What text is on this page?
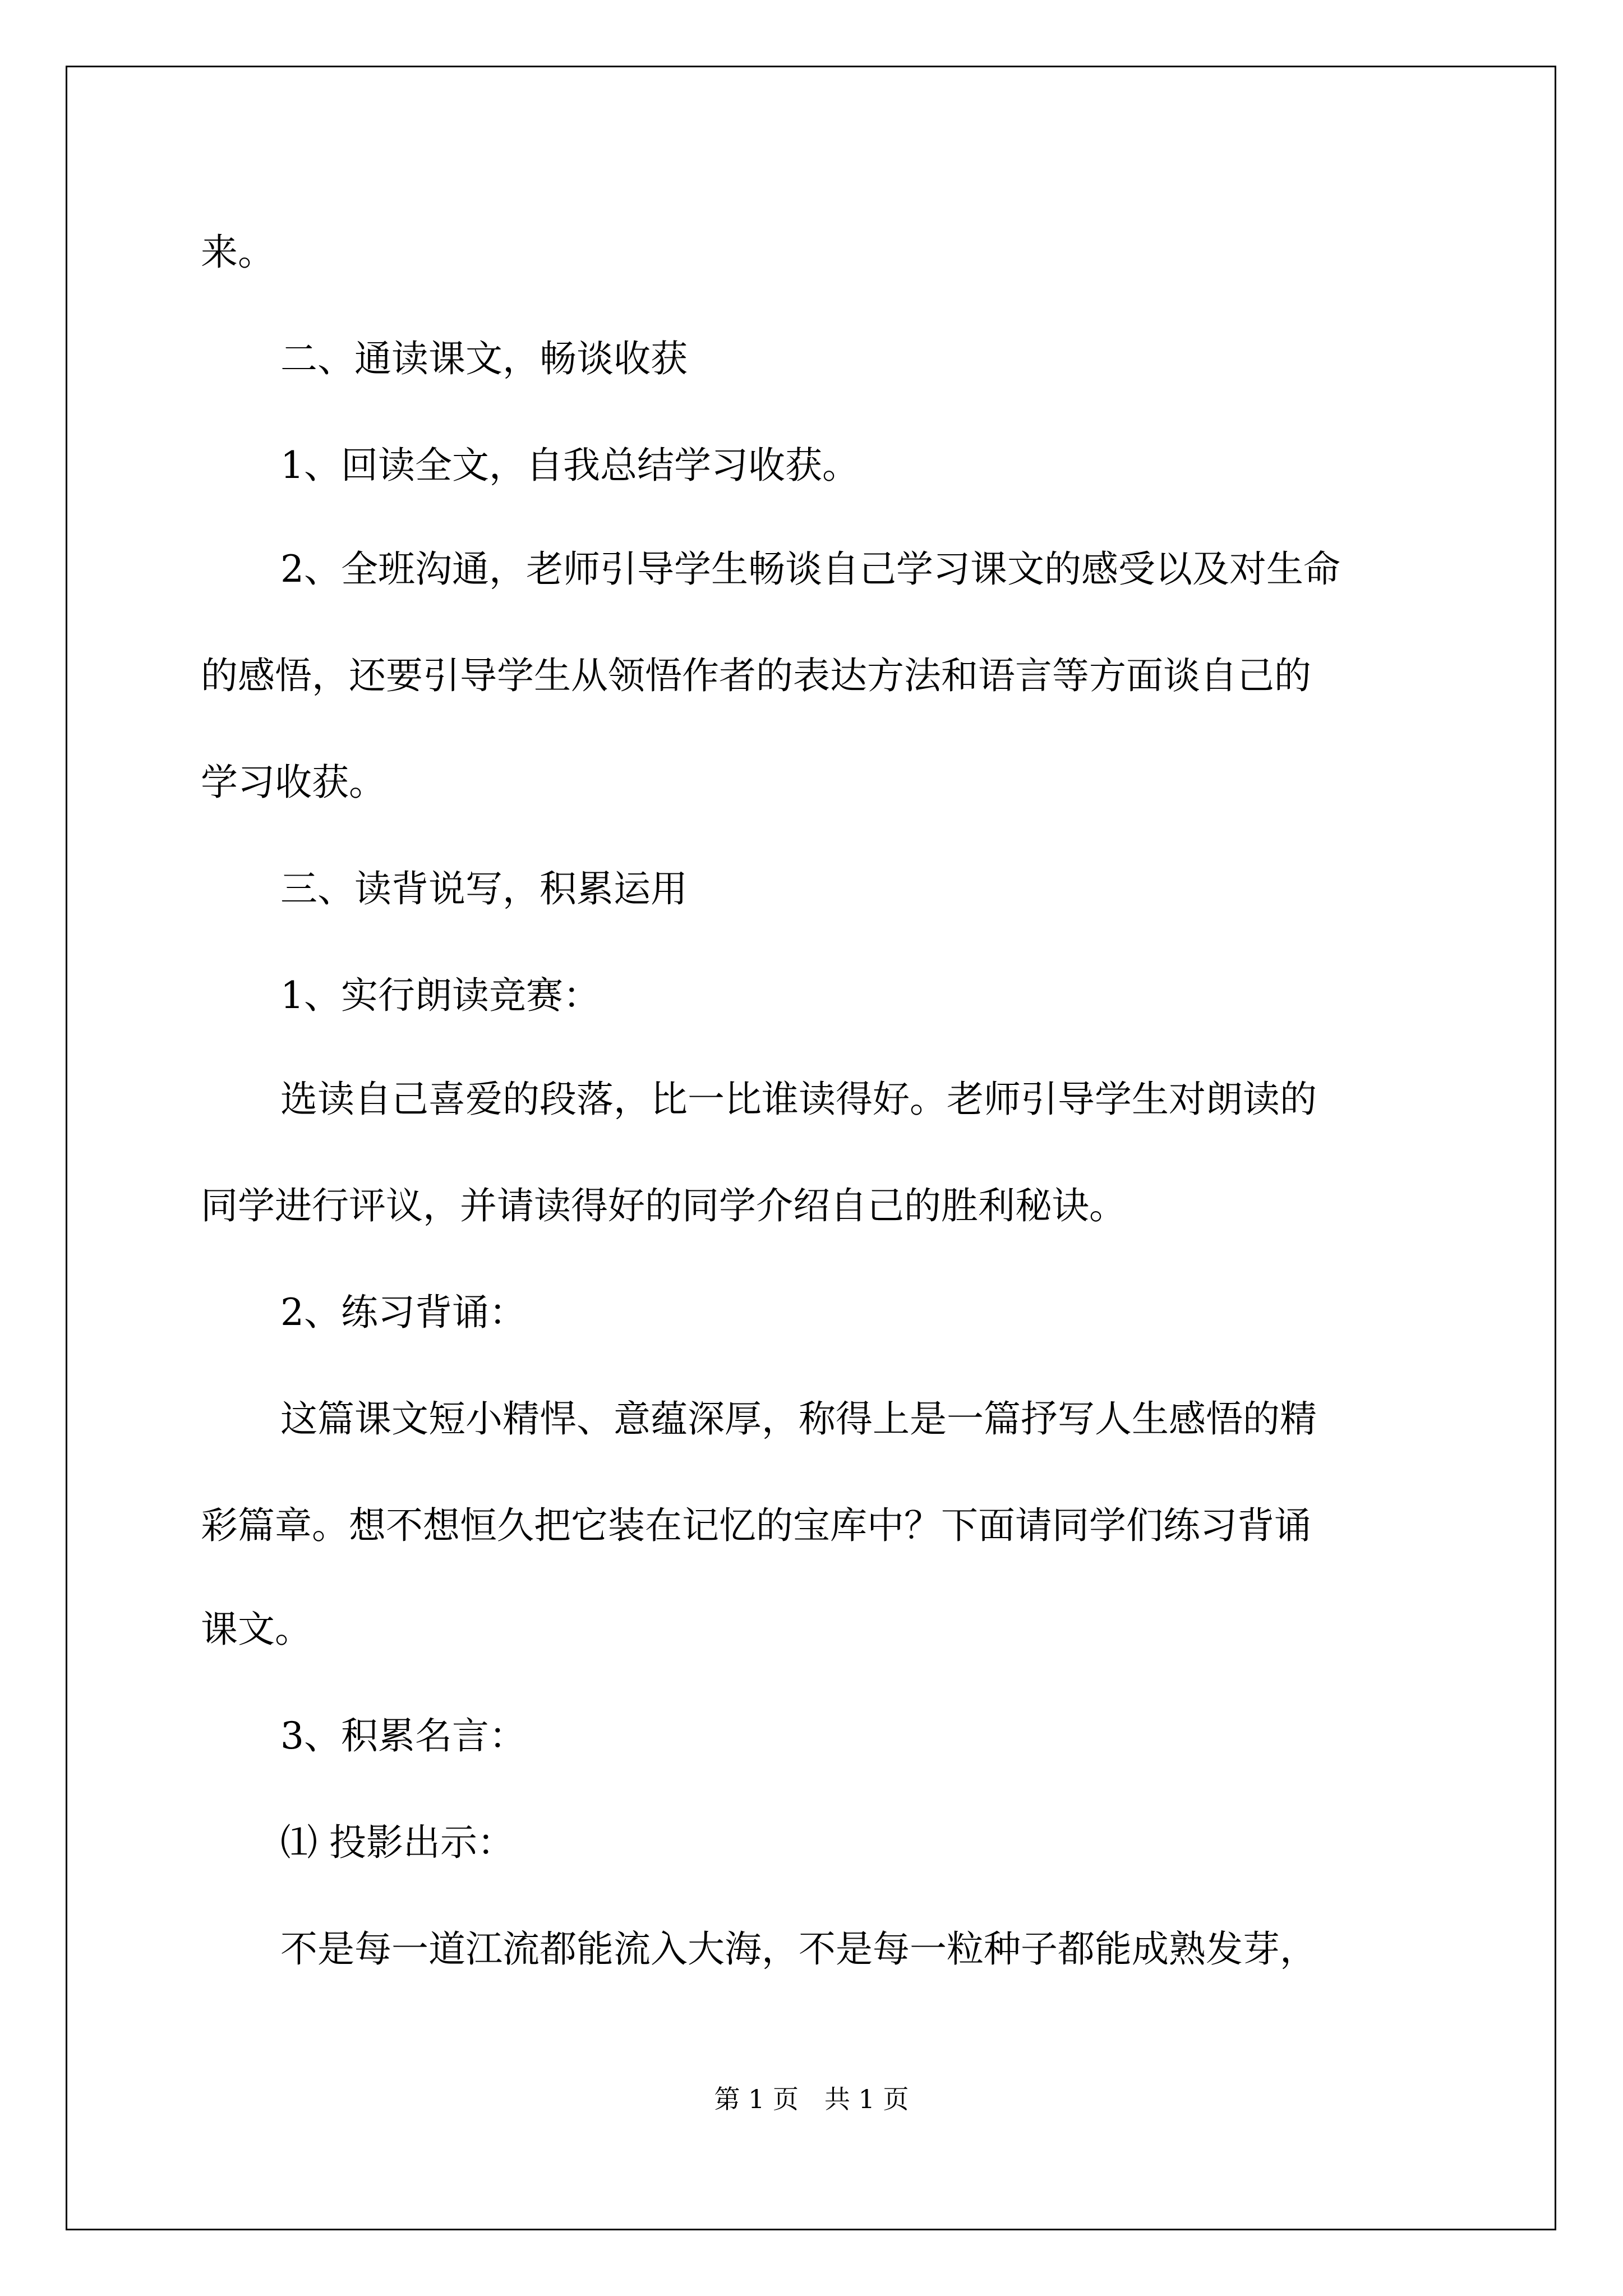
来。
二、通读课文，畅谈收获
1、回读全文，自我总结学习收获。
2、全班沟通，老师引导学生畅谈自己学习课文的感受以及对生命
的感悟，还要引导学生从领悟作者的表达方法和语言等方面谈自己的
学习收获。
三、读背说写，积累运用
1、实行朗读竞赛：
选读自己喜爱的段落，比一比谁读得好。老师引导学生对朗读的
同学进行评议，并请读得好的同学介绍自己的胜利秘诀。
2、练习背诵：
这篇课文短小精悍、意蕴深厚，称得上是一篇抒写人生感悟的精
彩篇章。想不想恒久把它装在记忆的宝库中？下面请同学们练习背诵
课文。
3、积累名言：
⑴ 投影出示：
不是每一道江流都能流入大海，不是每一粒种子都能成熟发芽，
第 1 页　共 1 页
